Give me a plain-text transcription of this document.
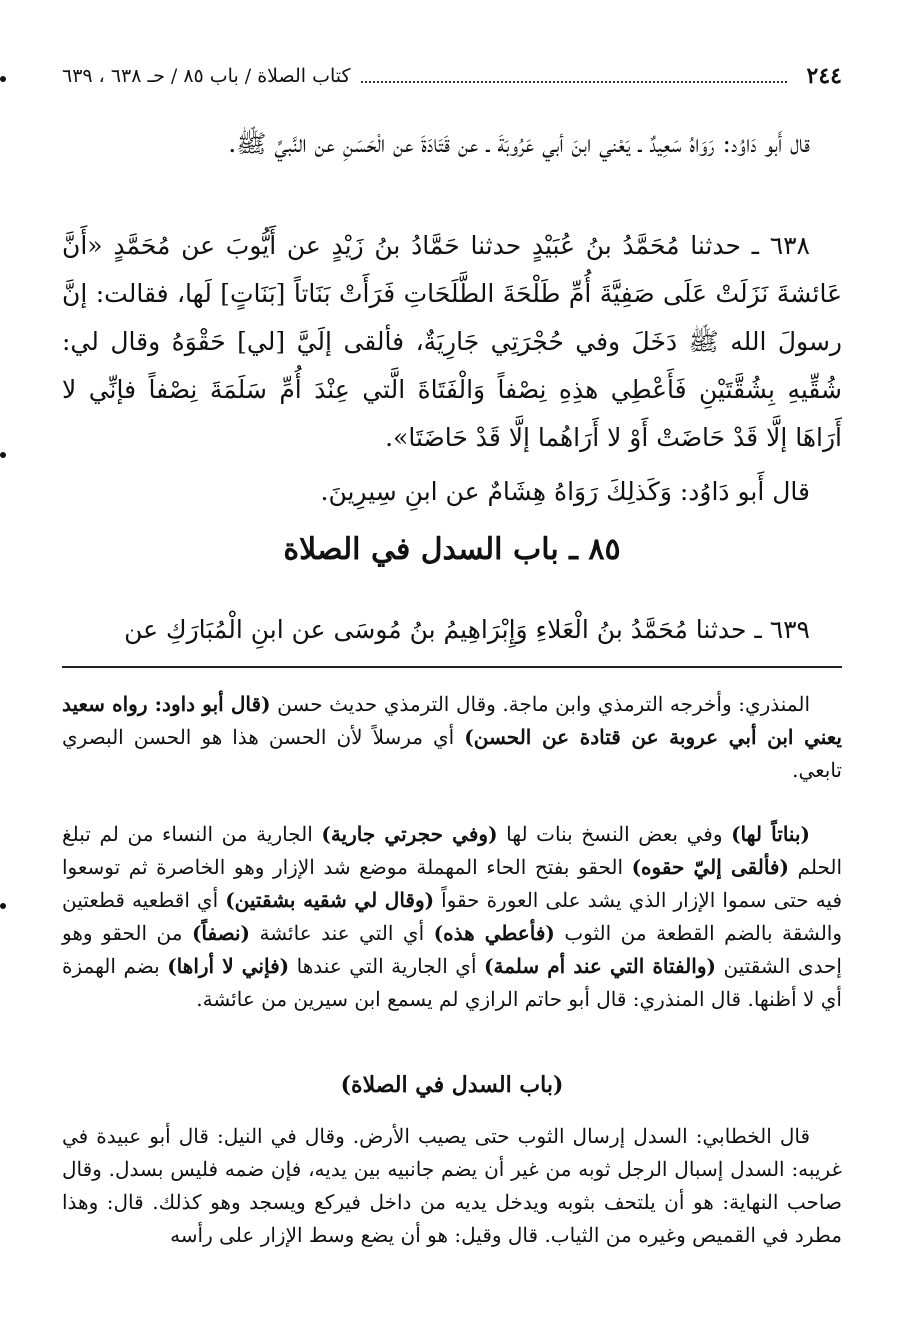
٢٤٤
كتاب الصلاة / باب ٨٥ / حـ ٦٣٨ ، ٦٣٩

قال أَبو دَاوُد: رَوَاهُ سَعِيدٌ ـ يَعْني ابنَ أبي عَرُوبَةَ ـ عن قَتَادَةَ عن الْحَسَنِ عن النَّبيِّ ﷺ.

٦٣٨ ـ حدثنا مُحَمَّدُ بنُ عُبَيْدٍ حدثنا حَمَّادُ بنُ زَيْدٍ عن أَيُّوبَ عن مُحَمَّدٍ «أَنَّ عَائشةَ نَزَلَتْ عَلَى صَفِيَّةَ أُمِّ طَلْحَةَ الطَّلَحَاتِ فَرَأَتْ بَنَاتاً [بَنَاتٍ] لَها، فقالت: إنَّ رسولَ الله ﷺ دَخَلَ وفي حُجْرَتِي جَارِيَةٌ، فألقى إلَيَّ [لي] حَقْوَهُ وقال لي: شُقِّيهِ بِشُقَّتَيْنِ فَأَعْطِي هذِهِ نِصْفاً وَالْفَتَاةَ الَّتي عِنْدَ أُمِّ سَلَمَةَ نِصْفاً فإنِّي لا أَرَاهَا إلَّا قَدْ حَاضَتْ أَوْ لا أَرَاهُما إلَّا قَدْ حَاضَتَا».

قال أَبو دَاوُد: وَكَذلِكَ رَوَاهُ هِشَامٌ عن ابنِ سِيرِينَ.

٨٥ ـ باب السدل في الصلاة

٦٣٩ ـ حدثنا مُحَمَّدُ بنُ الْعَلاءِ وَإِبْرَاهِيمُ بنُ مُوسَى عن ابنِ الْمُبَارَكِ عن

المنذري: وأخرجه الترمذي وابن ماجة. وقال الترمذي حديث حسن (قال أبو داود: رواه سعيد يعني ابن أبي عروبة عن قتادة عن الحسن) أي مرسلاً لأن الحسن هذا هو الحسن البصري تابعي.

(بناتاً لها) وفي بعض النسخ بنات لها (وفي حجرتي جارية) الجارية من النساء من لم تبلغ الحلم (فألقى إليّ حقوه) الحقو بفتح الحاء المهملة موضع شد الإزار وهو الخاصرة ثم توسعوا فيه حتى سموا الإزار الذي يشد على العورة حقواً (وقال لي شقيه بشقتين) أي اقطعيه قطعتين والشقة بالضم القطعة من الثوب (فأعطي هذه) أي التي عند عائشة (نصفاً) من الحقو وهو إحدى الشقتين (والفتاة التي عند أم سلمة) أي الجارية التي عندها (فإني لا أراها) بضم الهمزة أي لا أظنها. قال المنذري: قال أبو حاتم الرازي لم يسمع ابن سيرين من عائشة.

(باب السدل في الصلاة)

قال الخطابي: السدل إرسال الثوب حتى يصيب الأرض. وقال في النيل: قال أبو عبيدة في غريبه: السدل إسبال الرجل ثوبه من غير أن يضم جانبيه بين يديه، فإن ضمه فليس بسدل. وقال صاحب النهاية: هو أن يلتحف بثوبه ويدخل يديه من داخل فيركع ويسجد وهو كذلك. قال: وهذا مطرد في القميص وغيره من الثياب. قال وقيل: هو أن يضع وسط الإزار على رأسه
